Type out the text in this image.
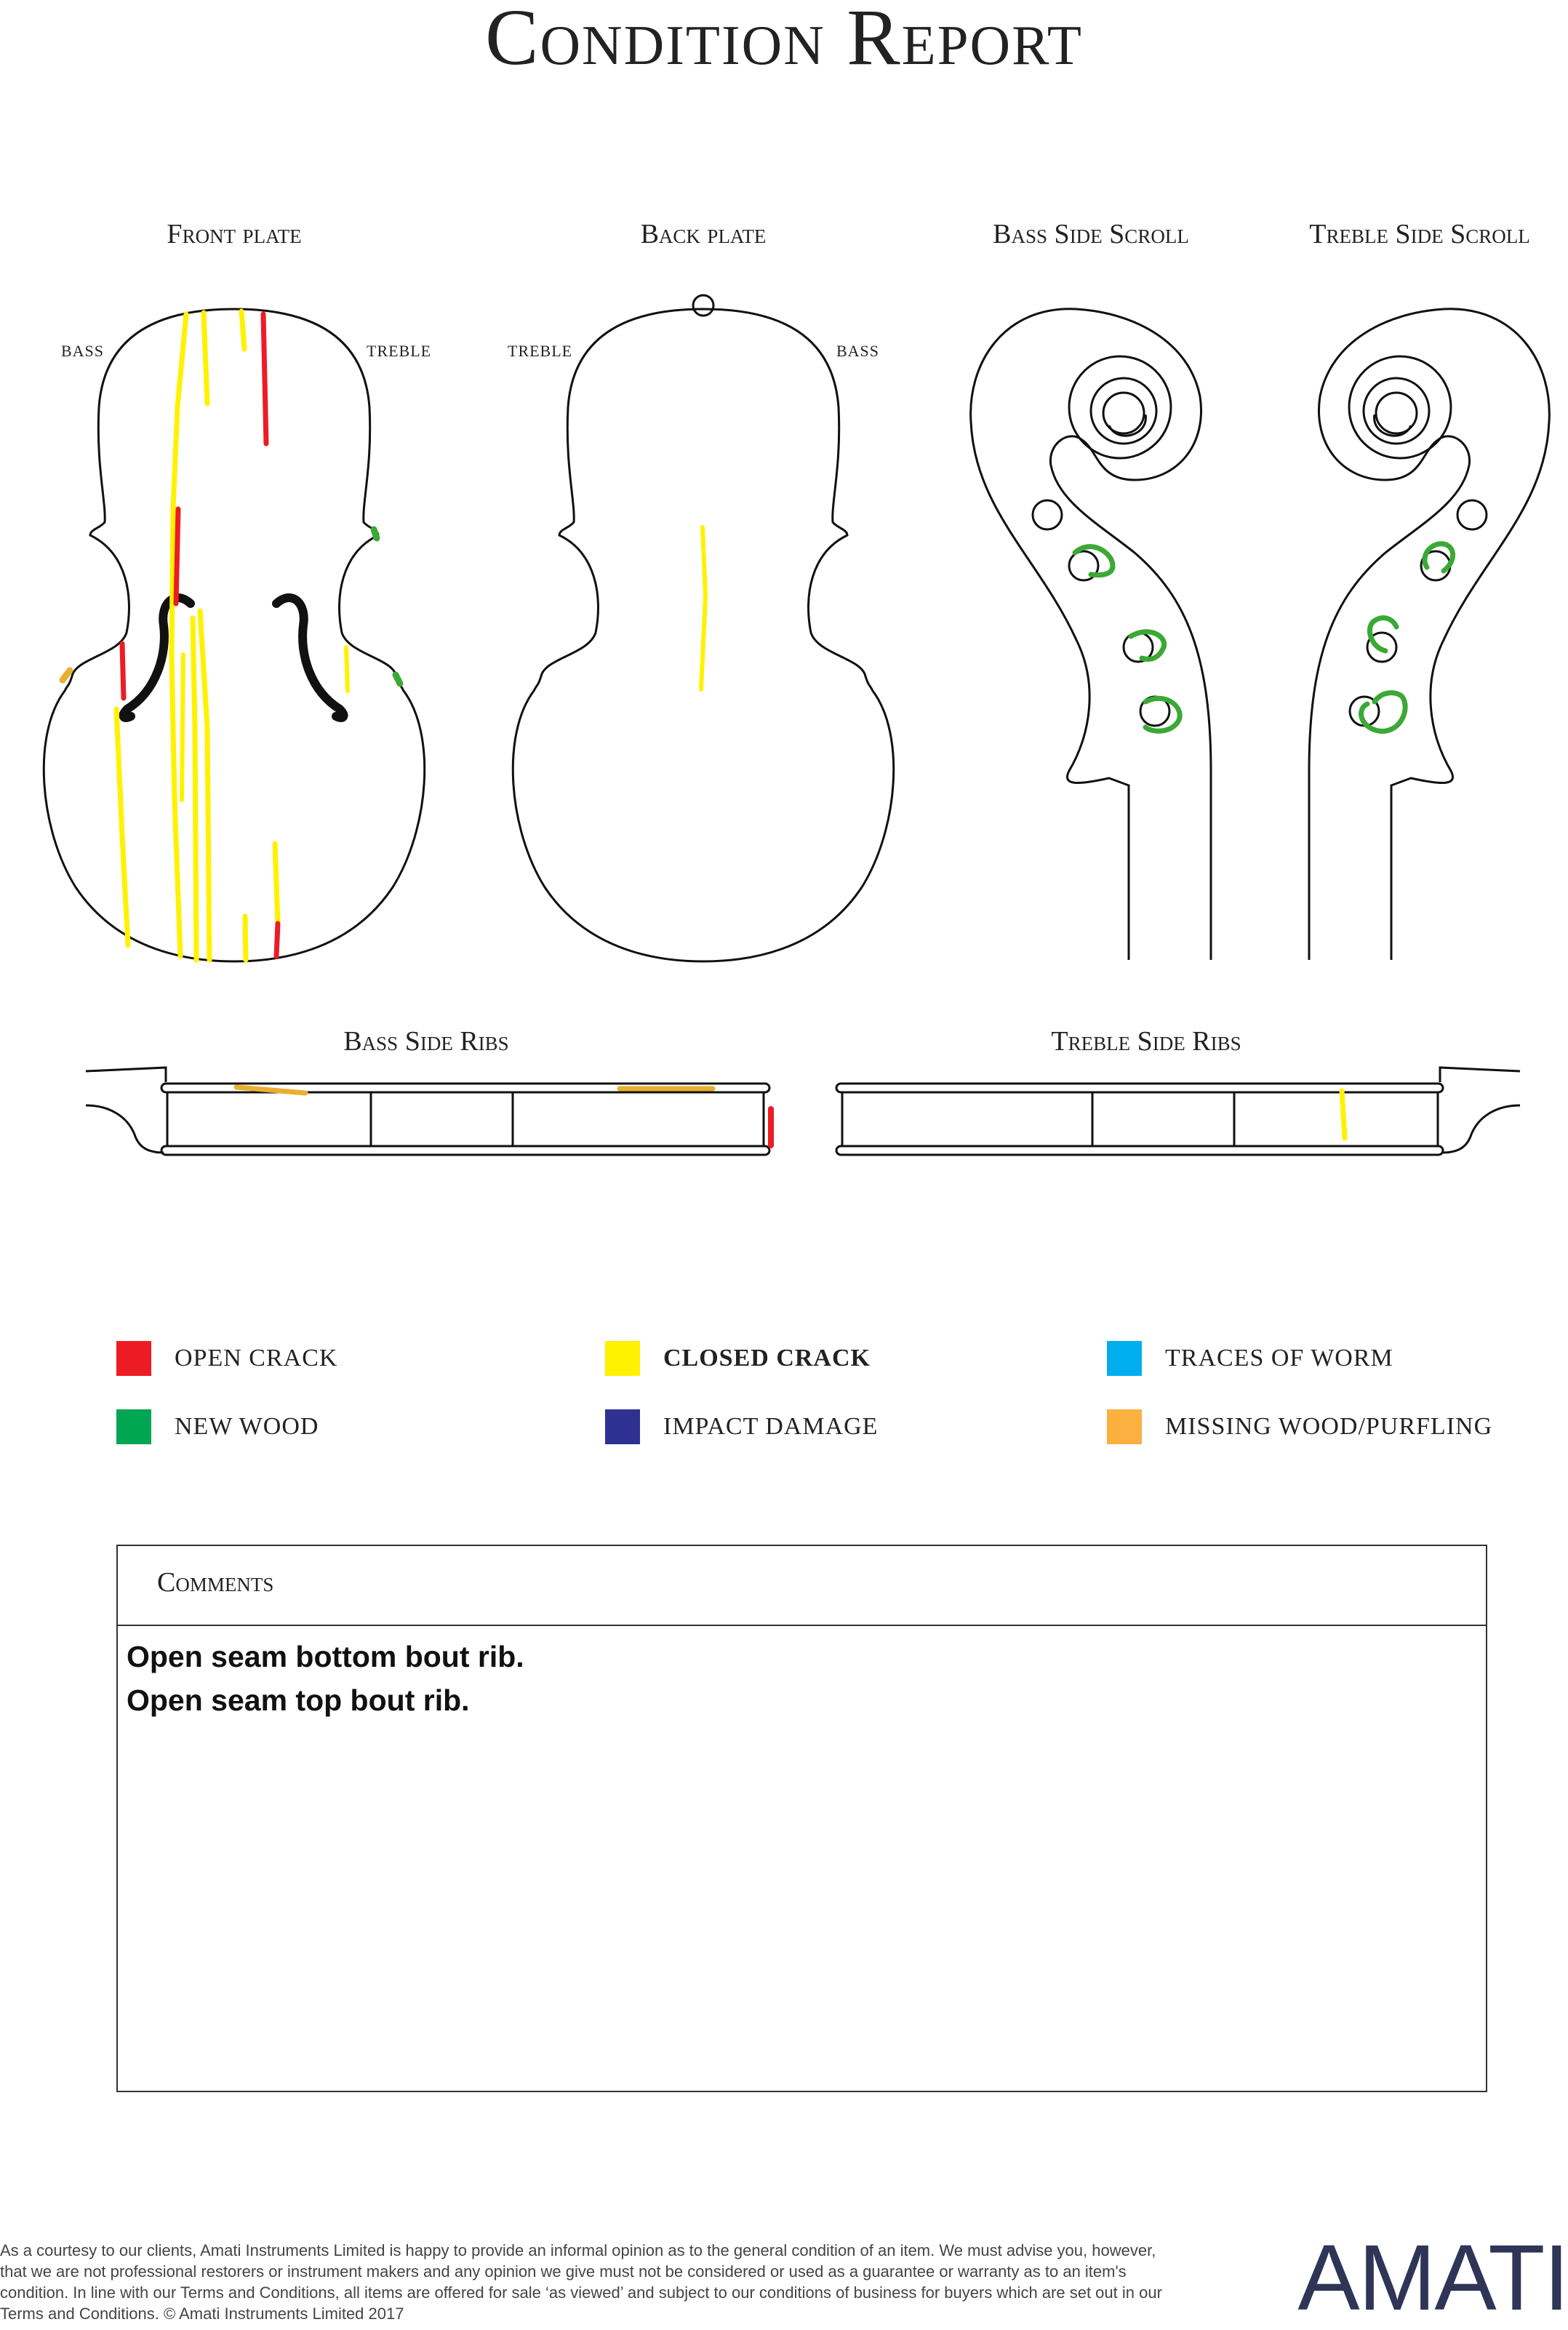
Condition Report
Front plate	Back plate	Bass Side Scroll	Treble Side Scroll
Bass Side Ribs	Treble Side Ribs
BASS	TREBLE	TREBLE	BASS
OPEN CRACK	CLOSED CRACK	TRACES OF WORM
NEW WOOD	IMPACT DAMAGE	MISSING WOOD/PURFLING
Comments
Open seam bottom bout rib.
Open seam top bout rib.
As a courtesy to our clients, Amati Instruments Limited is happy to provide an informal opinion as to the general condition of an item. We must advise you, however, that we are not professional restorers or instrument makers and any opinion we give must not be considered or used as a guarantee or warranty as to an item's condition. In line with our Terms and Conditions, all items are offered for sale ‘as viewed’ and subject to our conditions of business for buyers which are set out in our Terms and Conditions. © Amati Instruments Limited 2017	AMATI
